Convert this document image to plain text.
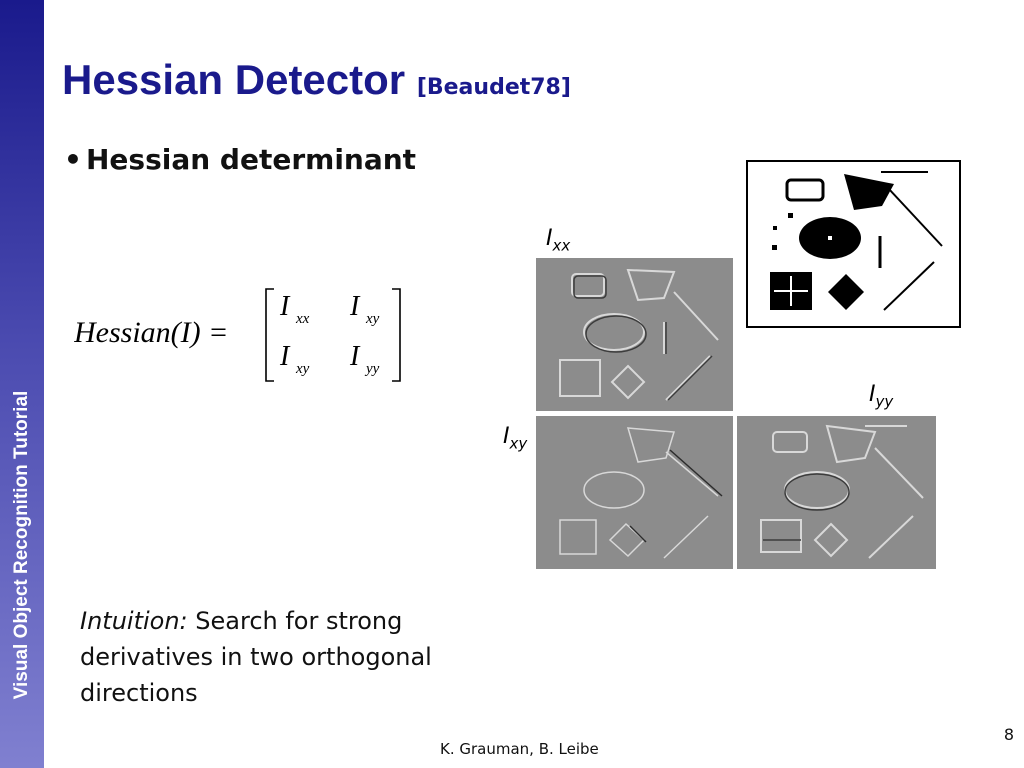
Visual Object Recognition Tutorial
Hessian Detector [Beaudet78]
• Hessian determinant
Hessian(I) =
I xx I xy
I xy I yy
$I_{xx}$
$I_{xy}$
$I_{yy}$
Intuition: Search for strong derivatives in two orthogonal directions
K. Grauman, B. Leibe
8
